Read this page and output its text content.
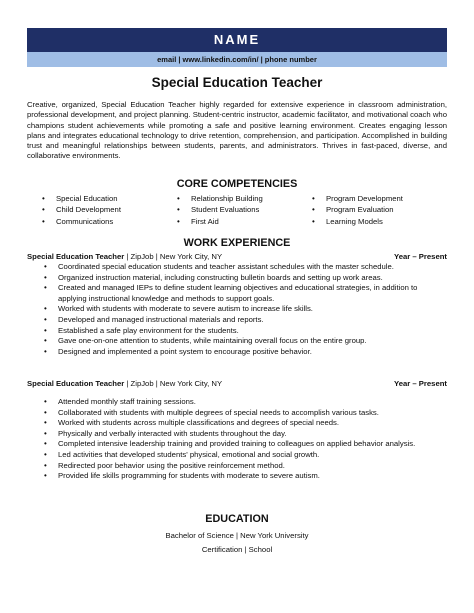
NAME
email | www.linkedin.com/in/ | phone number
Special Education Teacher

Creative, organized, Special Education Teacher highly regarded for extensive experience in classroom administration, professional development, and project planning. Student-centric instructor, academic facilitator, and motivational coach who champions student achievements while promoting a safe and positive learning environment. Creates engaging lesson plans and integrates educational technology to drive retention, comprehension, and participation. Accomplished in building trust and meaningful relationships between students, parents, and administrators. Thrives in fast-paced, diverse, and collaborative environments.

CORE COMPETENCIES
• Special Education
• Child Development
• Communications
• Relationship Building
• Student Evaluations
• First Aid
• Program Development
• Program Evaluation
• Learning Models
WORK EXPERIENCE
Special Education Teacher | ZipJob | New York City, NY	Year – Present
• Coordinated special education students and teacher assistant schedules with the master schedule.
• Organized instruction material, including constructing bulletin boards and setting up work areas.
• Created and managed IEPs to define student learning objectives and educational strategies, in addition to applying instructional knowledge and methods to support goals.
• Worked with students with moderate to severe autism to increase life skills.
• Developed and managed instructional materials and reports.
• Established a safe play environment for the students.
• Gave one-on-one attention to students, while maintaining overall focus on the entire group.
• Designed and implemented a point system to encourage positive behavior.
Special Education Teacher | ZipJob | New York City, NY	Year – Present
• Attended monthly staff training sessions.
• Collaborated with students with multiple degrees of special needs to accomplish various tasks.
• Worked with students across multiple classifications and degrees of special needs.
• Physically and verbally interacted with students throughout the day.
• Completed intensive leadership training and provided training to colleagues on applied behavior analysis.
• Led activities that developed students' physical, emotional and social growth.
• Redirected poor behavior using the positive reinforcement method.
• Provided life skills programming for students with moderate to severe autism.
EDUCATION
Bachelor of Science | New York University
Certification | School
